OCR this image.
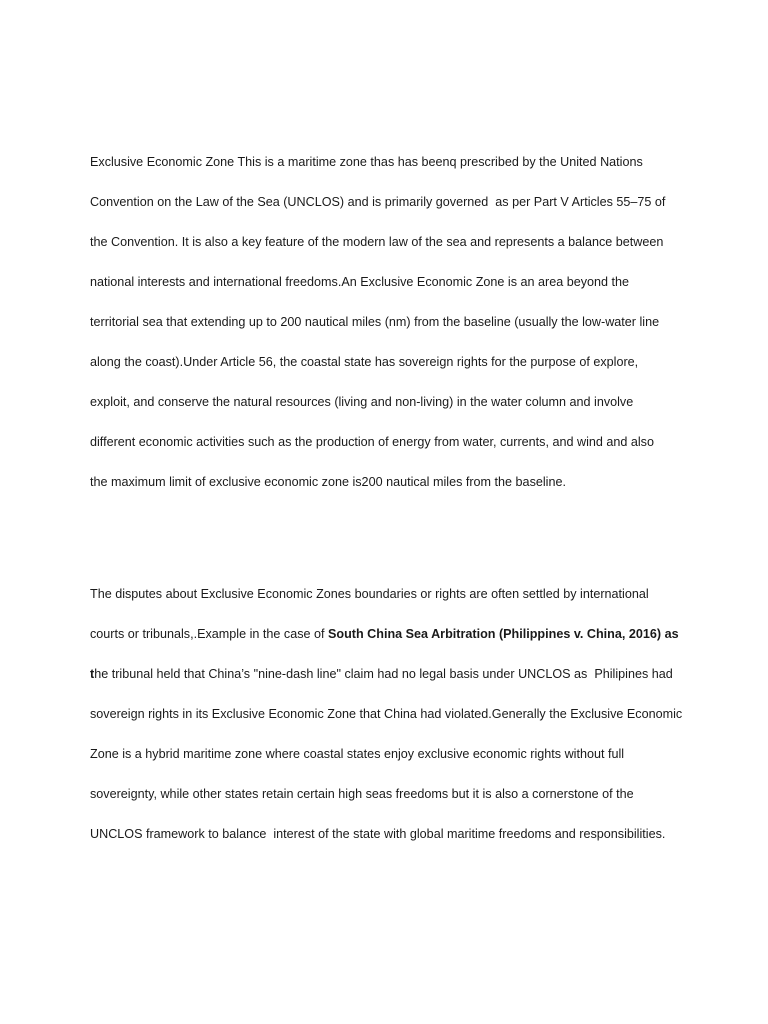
Exclusive Economic Zone This is a maritime zone thas has beenq prescribed by the United Nations

Convention on the Law of the Sea (UNCLOS) and is primarily governed  as per Part V Articles 55–75 of

the Convention. It is also a key feature of the modern law of the sea and represents a balance between

national interests and international freedoms.An Exclusive Economic Zone is an area beyond the

territorial sea that extending up to 200 nautical miles (nm) from the baseline (usually the low-water line

along the coast).Under Article 56, the coastal state has sovereign rights for the purpose of explore,

exploit, and conserve the natural resources (living and non-living) in the water column and involve

different economic activities such as the production of energy from water, currents, and wind and also

the maximum limit of exclusive economic zone is200 nautical miles from the baseline.

The disputes about Exclusive Economic Zones boundaries or rights are often settled by international

courts or tribunals,.Example in the case of South China Sea Arbitration (Philippines v. China, 2016) as

the tribunal held that China’s "nine-dash line" claim had no legal basis under UNCLOS as  Philipines had

sovereign rights in its Exclusive Economic Zone that China had violated.Generally the Exclusive Economic

Zone is a hybrid maritime zone where coastal states enjoy exclusive economic rights without full

sovereignty, while other states retain certain high seas freedoms but it is also a cornerstone of the

UNCLOS framework to balance  interest of the state with global maritime freedoms and responsibilities.
